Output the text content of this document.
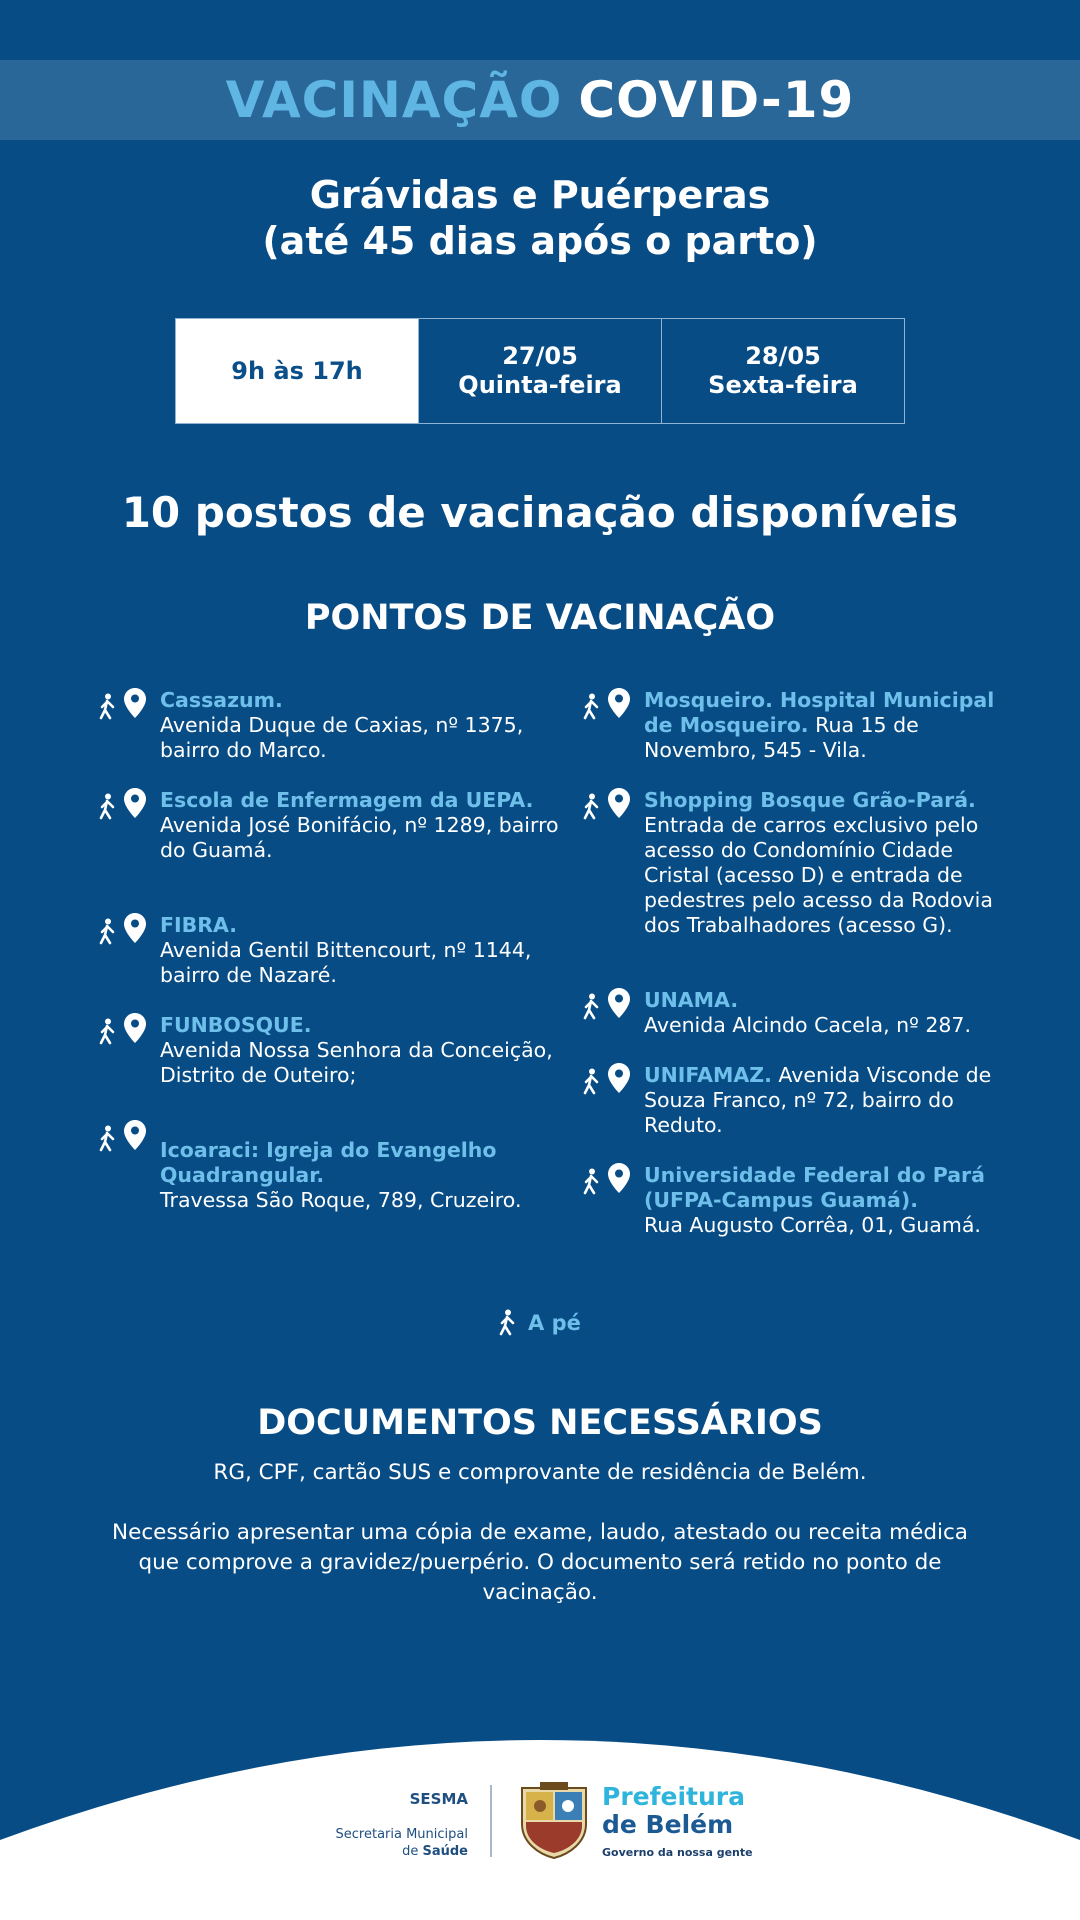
VACINAÇÃO COVID-19
Grávidas e Puérperas
(até 45 dias após o parto)
9h às 17h
27/05
Quinta-feira
28/05
Sexta-feira
10 postos de vacinação disponíveis
PONTOS DE VACINAÇÃO

Cassazum.
Avenida Duque de Caxias, nº 1375, bairro do Marco.

Escola de Enfermagem da UEPA.
Avenida José Bonifácio, nº 1289, bairro do Guamá.

FIBRA.
Avenida Gentil Bittencourt, nº 1144, bairro de Nazaré.

FUNBOSQUE.
Avenida Nossa Senhora da Conceição, Distrito de Outeiro;

Icoaraci: Igreja do Evangelho Quadrangular.
Travessa São Roque, 789, Cruzeiro.

Mosqueiro. Hospital Municipal de Mosqueiro. Rua 15 de Novembro, 545 - Vila.

Shopping Bosque Grão-Pará.
Entrada de carros exclusivo pelo acesso do Condomínio Cidade Cristal (acesso D) e entrada de pedestres pelo acesso da Rodovia dos Trabalhadores (acesso G).

UNAMA.
Avenida Alcindo Cacela, nº 287.

UNIFAMAZ. Avenida Visconde de Souza Franco, nº 72, bairro do Reduto.

Universidade Federal do Pará (UFPA-Campus Guamá).
Rua Augusto Corrêa, 01, Guamá.

A pé
DOCUMENTOS NECESSÁRIOS

RG, CPF, cartão SUS e comprovante de residência de Belém.

Necessário apresentar uma cópia de exame, laudo, atestado ou receita médica que comprove a gravidez/puerpério. O documento será retido no ponto de vacinação.

SESMA
Secretaria Municipal
de Saúde
Prefeitura
de Belém
Governo da nossa gente
